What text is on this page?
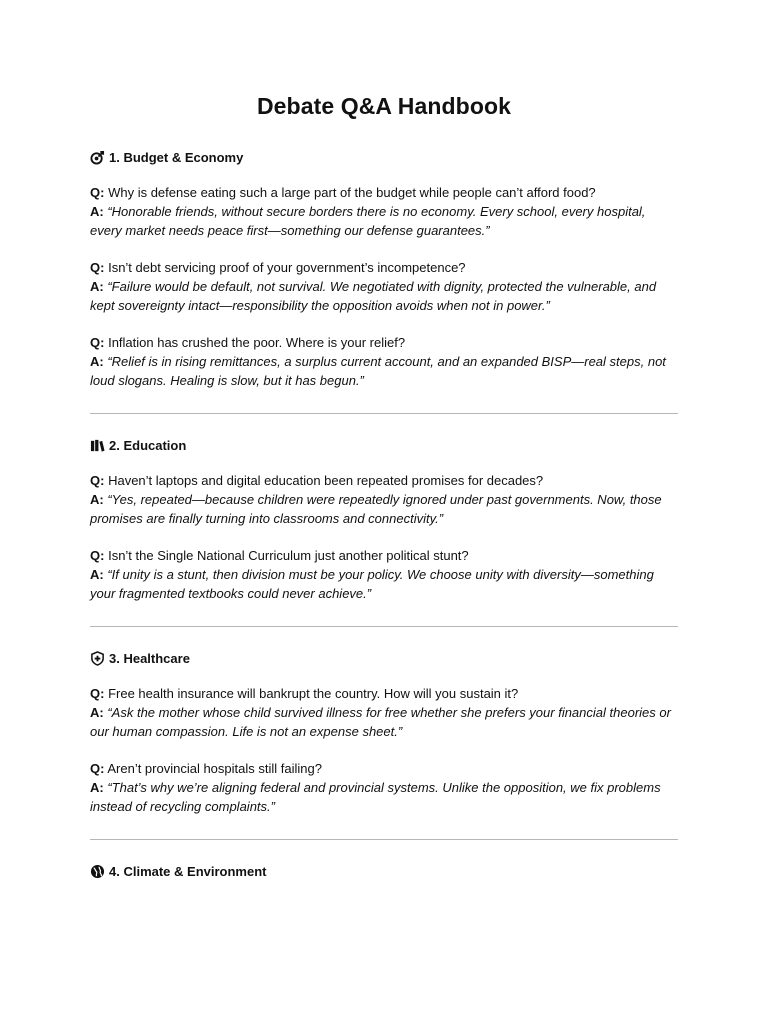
Debate Q&A Handbook
1. Budget & Economy
Q: Why is defense eating such a large part of the budget while people can’t afford food?
A: “Honorable friends, without secure borders there is no economy. Every school, every hospital, every market needs peace first—something our defense guarantees.”
Q: Isn’t debt servicing proof of your government’s incompetence?
A: “Failure would be default, not survival. We negotiated with dignity, protected the vulnerable, and kept sovereignty intact—responsibility the opposition avoids when not in power.”
Q: Inflation has crushed the poor. Where is your relief?
A: “Relief is in rising remittances, a surplus current account, and an expanded BISP—real steps, not loud slogans. Healing is slow, but it has begun.”
2. Education
Q: Haven’t laptops and digital education been repeated promises for decades?
A: “Yes, repeated—because children were repeatedly ignored under past governments. Now, those promises are finally turning into classrooms and connectivity.”
Q: Isn’t the Single National Curriculum just another political stunt?
A: “If unity is a stunt, then division must be your policy. We choose unity with diversity—something your fragmented textbooks could never achieve.”
3. Healthcare
Q: Free health insurance will bankrupt the country. How will you sustain it?
A: “Ask the mother whose child survived illness for free whether she prefers your financial theories or our human compassion. Life is not an expense sheet.”
Q: Aren’t provincial hospitals still failing?
A: “That’s why we’re aligning federal and provincial systems. Unlike the opposition, we fix problems instead of recycling complaints.”
4. Climate & Environment
